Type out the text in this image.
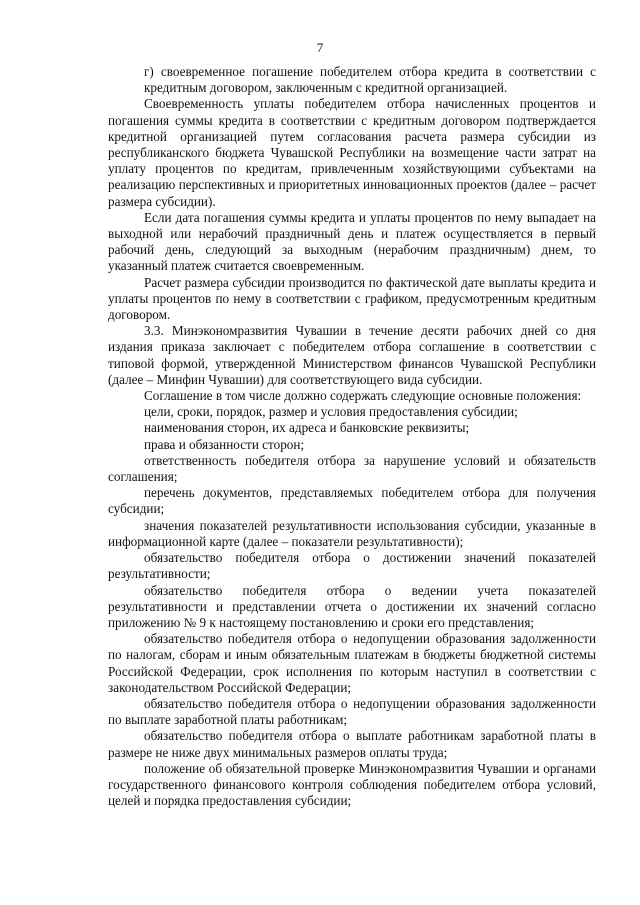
7

г) своевременное погашение победителем отбора кредита в соответствии с кредитным договором, заключенным с кредитной организацией.

Своевременность уплаты победителем отбора начисленных процентов и погашения суммы кредита в соответствии с кредитным договором подтверждается кредитной организацией путем согласования расчета размера субсидии из республиканского бюджета Чувашской Республики на возмещение части затрат на уплату процентов по кредитам, привлеченным хозяйствующими субъектами на реализацию перспективных и приоритетных инновационных проектов (далее – расчет размера субсидии).

Если дата погашения суммы кредита и уплаты процентов по нему выпадает на выходной или нерабочий праздничный день и платеж осуществляется в первый рабочий день, следующий за выходным (нерабочим праздничным) днем, то указанный платеж считается своевременным.

Расчет размера субсидии производится по фактической дате выплаты кредита и уплаты процентов по нему в соответствии с графиком, предусмотренным кредитным договором.

3.3. Минэкономразвития Чувашии в течение десяти рабочих дней со дня издания приказа заключает с победителем отбора соглашение в соответствии с типовой формой, утвержденной Министерством финансов Чувашской Республики (далее – Минфин Чувашии) для соответствующего вида субсидии.

Соглашение в том числе должно содержать следующие основные положения:

цели, сроки, порядок, размер и условия предоставления субсидии;

наименования сторон, их адреса и банковские реквизиты;

права и обязанности сторон;

ответственность победителя отбора за нарушение условий и обязательств соглашения;

перечень документов, представляемых победителем отбора для получения субсидии;

значения показателей результативности использования субсидии, указанные в информационной карте (далее – показатели результативности);

обязательство победителя отбора о достижении значений показателей результативности;

обязательство победителя отбора о ведении учета показателей результативности и представлении отчета о достижении их значений согласно приложению № 9 к настоящему постановлению и сроки его представления;

обязательство победителя отбора о недопущении образования задолженности по налогам, сборам и иным обязательным платежам в бюджеты бюджетной системы Российской Федерации, срок исполнения по которым наступил в соответствии с законодательством Российской Федерации;

обязательство победителя отбора о недопущении образования задолженности по выплате заработной платы работникам;

обязательство победителя отбора о выплате работникам заработной платы в размере не ниже двух минимальных размеров оплаты труда;

положение об обязательной проверке Минэкономразвития Чувашии и органами государственного финансового контроля соблюдения победителем отбора условий, целей и порядка предоставления субсидии;
